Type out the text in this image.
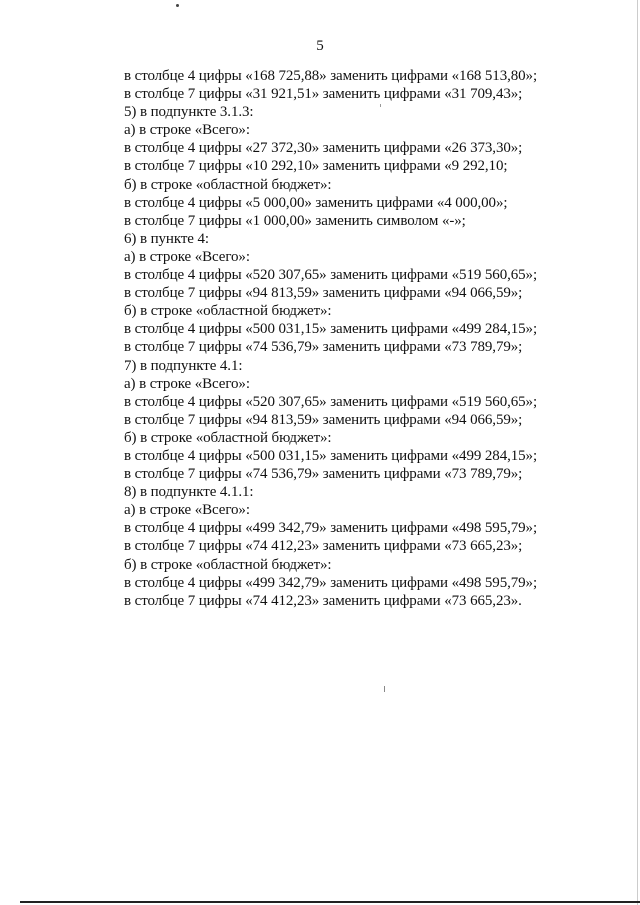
5
в столбце 4 цифры «168 725,88» заменить цифрами «168 513,80»;
в столбце 7 цифры «31 921,51» заменить цифрами «31 709,43»;
5) в подпункте 3.1.3:
а) в строке «Всего»:
в столбце 4 цифры «27 372,30» заменить цифрами «26 373,30»;
в столбце 7 цифры «10 292,10» заменить цифрами «9 292,10;
б) в строке «областной бюджет»:
в столбце 4 цифры «5 000,00» заменить цифрами «4 000,00»;
в столбце 7 цифры «1 000,00» заменить символом «-»;
6) в пункте 4:
а) в строке «Всего»:
в столбце 4 цифры «520 307,65» заменить цифрами «519 560,65»;
в столбце 7 цифры «94 813,59» заменить цифрами «94 066,59»;
б) в строке «областной бюджет»:
в столбце 4 цифры «500 031,15» заменить цифрами «499 284,15»;
в столбце 7 цифры «74 536,79» заменить цифрами «73 789,79»;
7) в подпункте 4.1:
а) в строке «Всего»:
в столбце 4 цифры «520 307,65» заменить цифрами «519 560,65»;
в столбце 7 цифры «94 813,59» заменить цифрами «94 066,59»;
б) в строке «областной бюджет»:
в столбце 4 цифры «500 031,15» заменить цифрами «499 284,15»;
в столбце 7 цифры «74 536,79» заменить цифрами «73 789,79»;
8) в подпункте 4.1.1:
а) в строке «Всего»:
в столбце 4 цифры «499 342,79» заменить цифрами «498 595,79»;
в столбце 7 цифры «74 412,23» заменить цифрами «73 665,23»;
б) в строке «областной бюджет»:
в столбце 4 цифры «499 342,79» заменить цифрами «498 595,79»;
в столбце 7 цифры «74 412,23» заменить цифрами «73 665,23».
